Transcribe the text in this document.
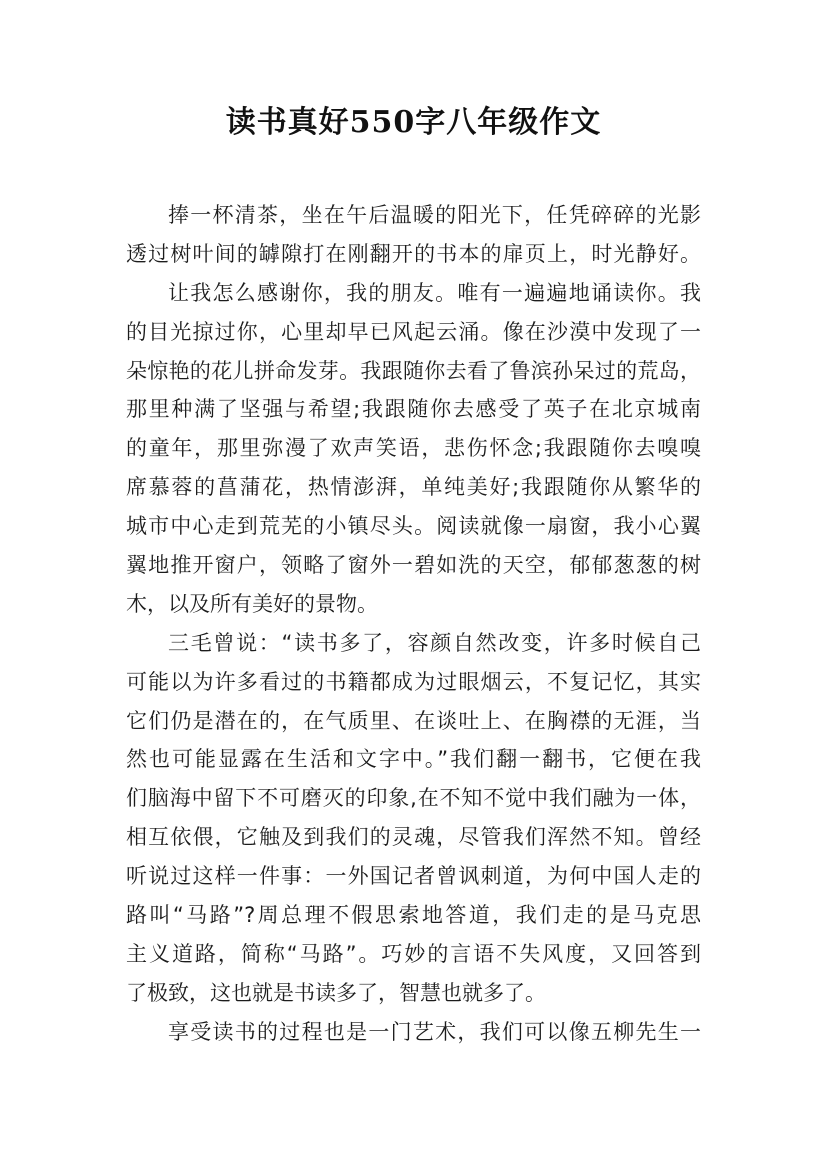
读书真好550字八年级作文
捧一杯清茶，坐在午后温暖的阳光下，任凭碎碎的光影
透过树叶间的罅隙打在刚翻开的书本的扉页上，时光静好。
让我怎么感谢你，我的朋友。唯有一遍遍地诵读你。我
的目光掠过你，心里却早已风起云涌。像在沙漠中发现了一
朵惊艳的花儿拼命发芽。我跟随你去看了鲁滨孙呆过的荒岛，
那里种满了坚强与希望;我跟随你去感受了英子在北京城南
的童年，那里弥漫了欢声笑语，悲伤怀念;我跟随你去嗅嗅
席慕蓉的菖蒲花，热情澎湃，单纯美好;我跟随你从繁华的
城市中心走到荒芜的小镇尽头。阅读就像一扇窗，我小心翼
翼地推开窗户，领略了窗外一碧如洗的天空，郁郁葱葱的树
木，以及所有美好的景物。
三毛曾说：“读书多了，容颜自然改变，许多时候自己
可能以为许多看过的书籍都成为过眼烟云，不复记忆，其实
它们仍是潜在的，在气质里、在谈吐上、在胸襟的无涯，当
然也可能显露在生活和文字中。”我们翻一翻书，它便在我
们脑海中留下不可磨灭的印象,在不知不觉中我们融为一体，
相互依偎，它触及到我们的灵魂，尽管我们浑然不知。曾经
听说过这样一件事：一外国记者曾讽刺道，为何中国人走的
路叫“马路”?周总理不假思索地答道，我们走的是马克思
主义道路，简称“马路”。巧妙的言语不失风度，又回答到
了极致，这也就是书读多了，智慧也就多了。
享受读书的过程也是一门艺术，我们可以像五柳先生一
